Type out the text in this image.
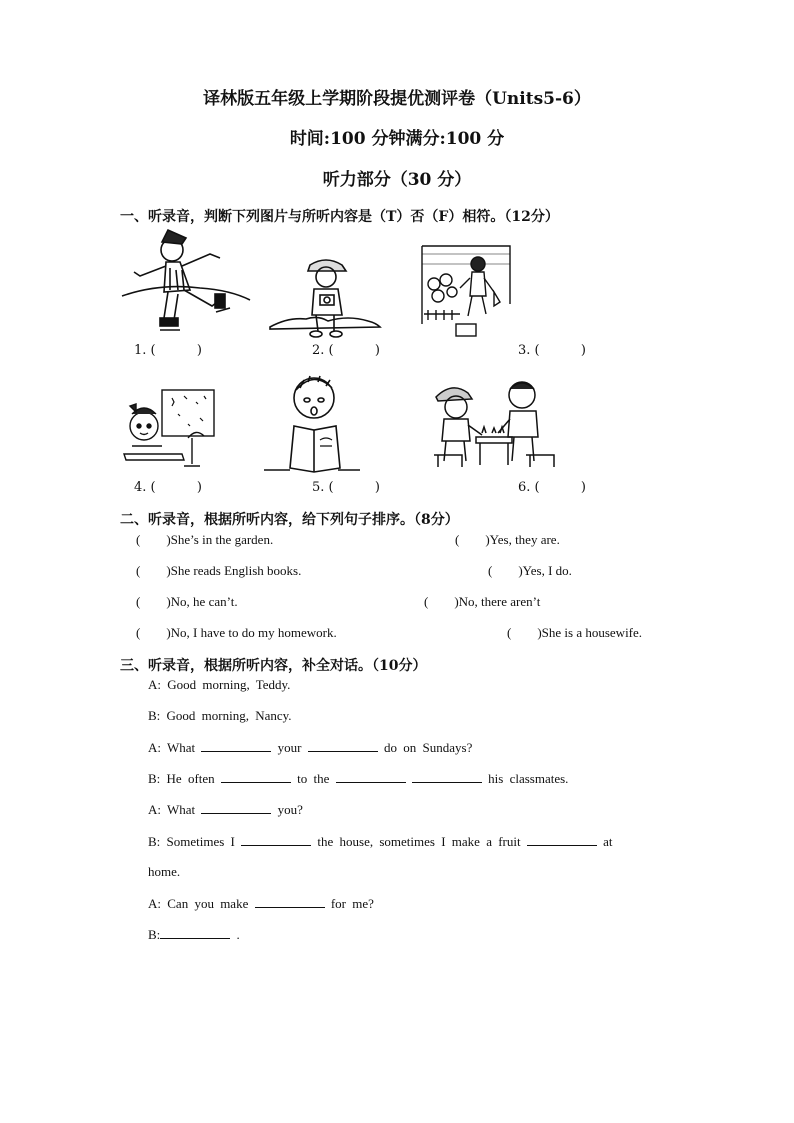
译林版五年级上学期阶段提优测评卷（Units5-6）
时间:100 分钟满分:100 分
听力部分（30 分）
一、听录音，判断下列图片与所听内容是（T）否（F）相符。（12分）
1. (          )	2. (          )	3. (          )
4. (          )	5. (          )	6. (          )
二、听录音，根据所听内容，给下列句子排序。（8分）
(        )She’s in the garden.	(        )Yes, they are.
(        )She reads English books.	(        )Yes, I do.
(        )No, he can’t.	(        )No, there aren’t
(        )No, I have to do my homework.	(        )She is a housewife.
三、听录音，根据所听内容，补全对话。（10分）
A: Good morning, Teddy.
B: Good morning, Nancy.
A: What	your	do on Sundays?
B: He often	to the	his classmates.
A: What	you?
B: Sometimes I	the house, sometimes I make a fruit	at
home.
A: Can you make	for me?
B:	.
